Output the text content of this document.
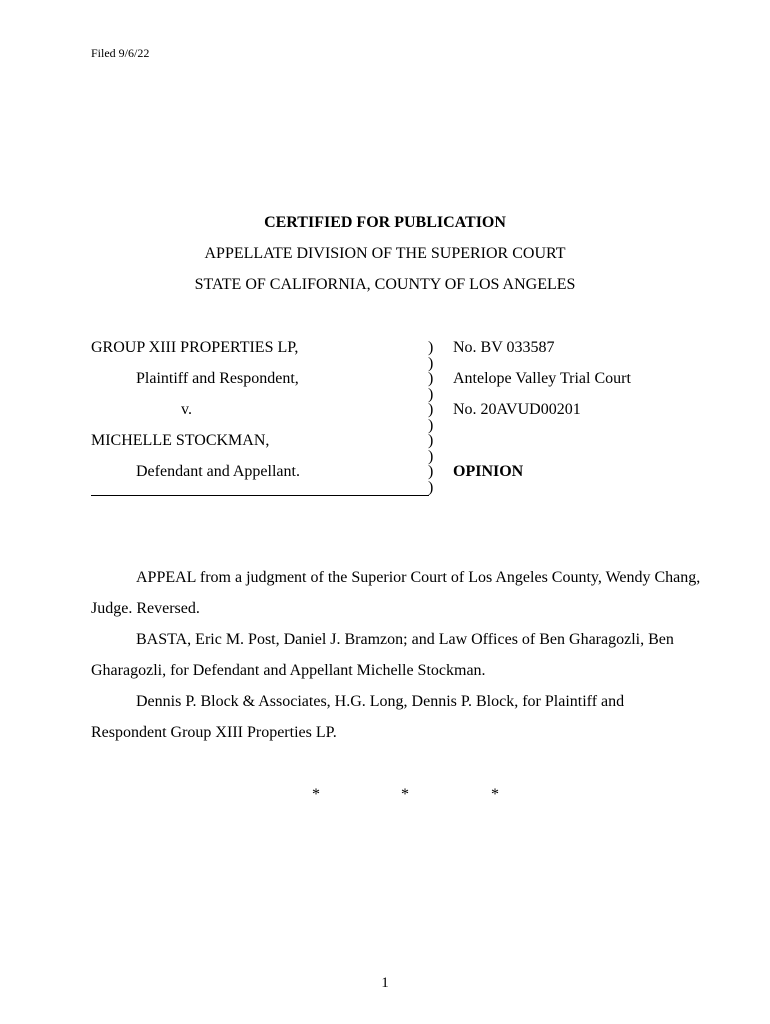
Filed 9/6/22
CERTIFIED FOR PUBLICATION
APPELLATE DIVISION OF THE SUPERIOR COURT
STATE OF CALIFORNIA, COUNTY OF LOS ANGELES
GROUP XIII PROPERTIES LP,
Plaintiff and Respondent,
v.
MICHELLE STOCKMAN,
Defendant and Appellant.
)
)
)
)
)
)
)
)
)
)
No. BV 033587
Antelope Valley Trial Court
No. 20AVUD00201
OPINION
APPEAL from a judgment of the Superior Court of Los Angeles County, Wendy Chang,
Judge. Reversed.
BASTA, Eric M. Post, Daniel J. Bramzon; and Law Offices of Ben Gharagozli, Ben
Gharagozli, for Defendant and Appellant Michelle Stockman.
Dennis P. Block & Associates, H.G. Long, Dennis P. Block, for Plaintiff and
Respondent Group XIII Properties LP.
*	*	*
1
